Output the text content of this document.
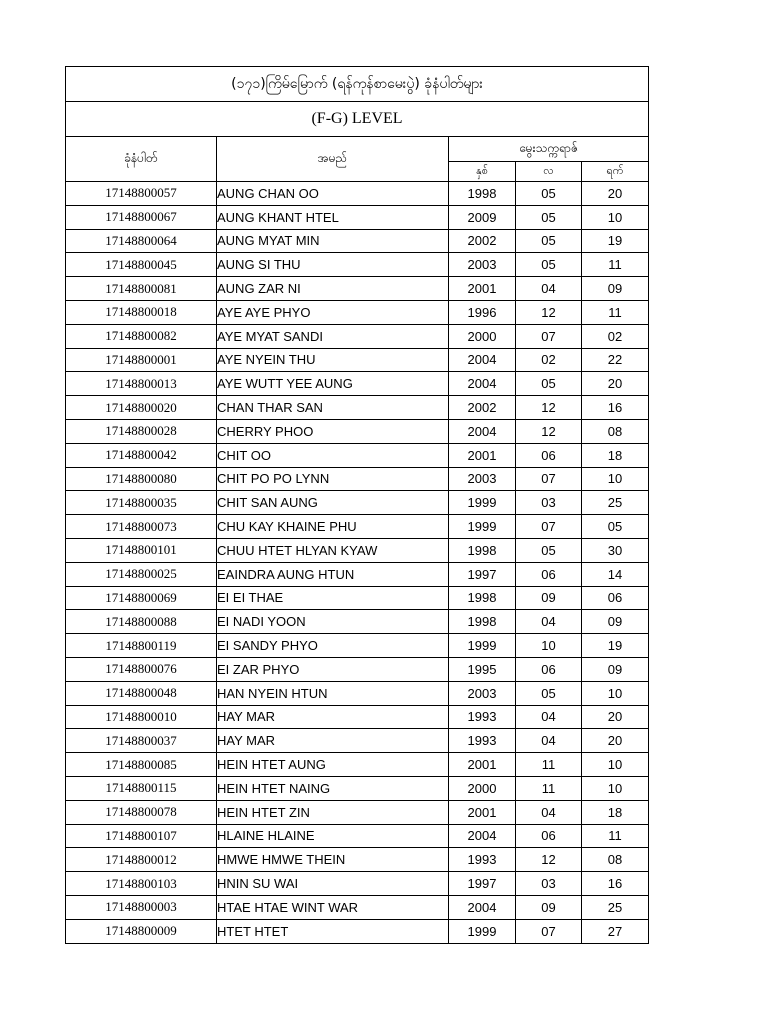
(၁၇၁)ကြိမ်မြောက် (ရန်ကုန်စာမေးပွဲ) ခုံနံပါတ်များ				
(F-G) LEVEL				
ခုံနံပါတ်	အမည်	မွေးသက္ကရာဇ်		
		နှစ်	လ	ရက်
17148800057	AUNG CHAN OO	1998	05	20
17148800067	AUNG KHANT HTEL	2009	05	10
17148800064	AUNG MYAT MIN	2002	05	19
17148800045	AUNG SI THU	2003	05	11
17148800081	AUNG ZAR NI	2001	04	09
17148800018	AYE AYE PHYO	1996	12	11
17148800082	AYE MYAT SANDI	2000	07	02
17148800001	AYE NYEIN THU	2004	02	22
17148800013	AYE WUTT YEE AUNG	2004	05	20
17148800020	CHAN THAR SAN	2002	12	16
17148800028	CHERRY PHOO	2004	12	08
17148800042	CHIT OO	2001	06	18
17148800080	CHIT PO PO LYNN	2003	07	10
17148800035	CHIT SAN AUNG	1999	03	25
17148800073	CHU KAY KHAINE PHU	1999	07	05
17148800101	CHUU HTET HLYAN KYAW	1998	05	30
17148800025	EAINDRA AUNG HTUN	1997	06	14
17148800069	EI EI THAE	1998	09	06
17148800088	EI NADI YOON	1998	04	09
17148800119	EI SANDY PHYO	1999	10	19
17148800076	EI ZAR PHYO	1995	06	09
17148800048	HAN NYEIN HTUN	2003	05	10
17148800010	HAY MAR	1993	04	20
17148800037	HAY MAR	1993	04	20
17148800085	HEIN HTET AUNG	2001	11	10
17148800115	HEIN HTET NAING	2000	11	10
17148800078	HEIN HTET ZIN	2001	04	18
17148800107	HLAINE HLAINE	2004	06	11
17148800012	HMWE HMWE THEIN	1993	12	08
17148800103	HNIN SU WAI	1997	03	16
17148800003	HTAE HTAE WINT WAR	2004	09	25
17148800009	HTET HTET	1999	07	27
